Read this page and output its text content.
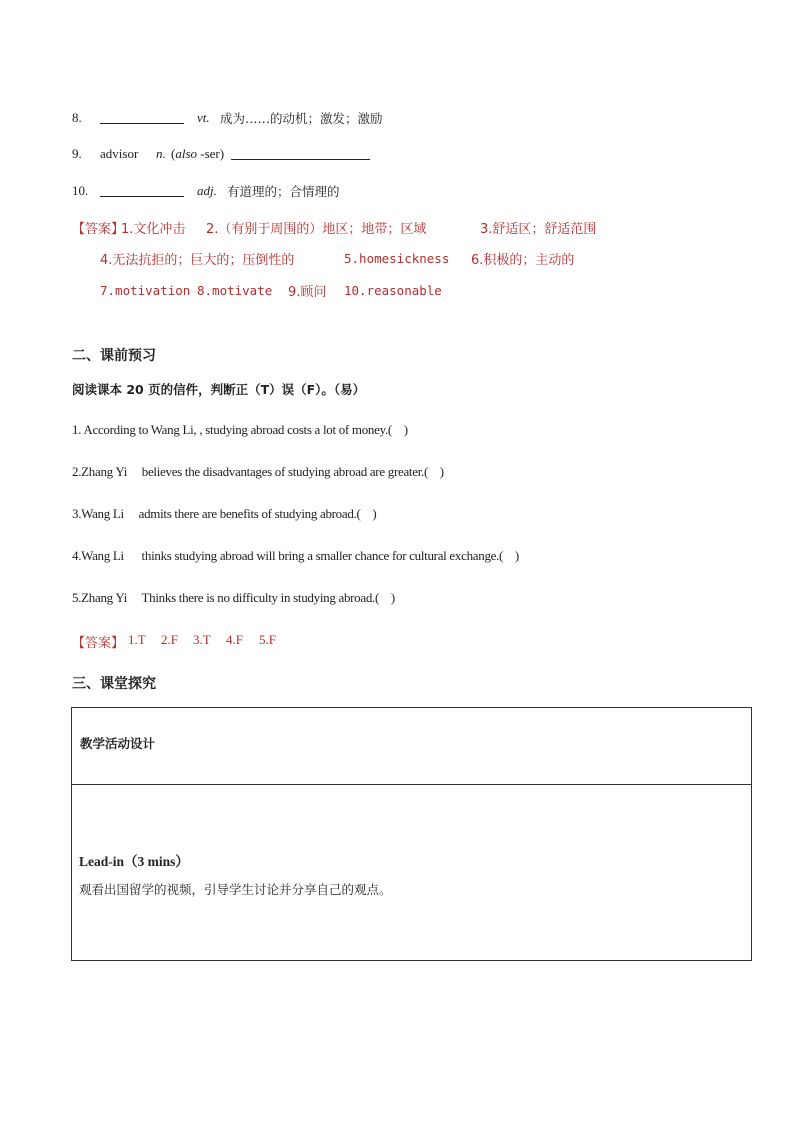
8.	vt. 成为……的动机；激发；激励
9. advisor n. (also -ser)
10.	adj. 有道理的；合情理的
【答案】
1.文化冲击 2.（有别于周围的）地区；地带；区域	3.舒适区；舒适范围
4.无法抗拒的；巨大的；压倒性的	5.homesickness 6.积极的；主动的
7.motivation 8.motivate 9.顾问 10.reasonable
二、课前预习
阅读课本 20 页的信件，判断正（T）误（F）。（易）
1. According to Wang Li, , studying abroad costs a lot of money.(    )
2.Zhang Yi     believes the disadvantages of studying abroad are greater.(    )
3.Wang Li     admits there are benefits of studying abroad.(    )
4.Wang Li      thinks studying abroad will bring a smaller chance for cultural exchange.(    )
5.Zhang Yi     Thinks there is no difficulty in studying abroad.(    )
【答案】 1.T 2.F 3.T 4.F 5.F
三、课堂探究
教学活动设计
Lead-in（3 mins）
观看出国留学的视频，引导学生讨论并分享自己的观点。
